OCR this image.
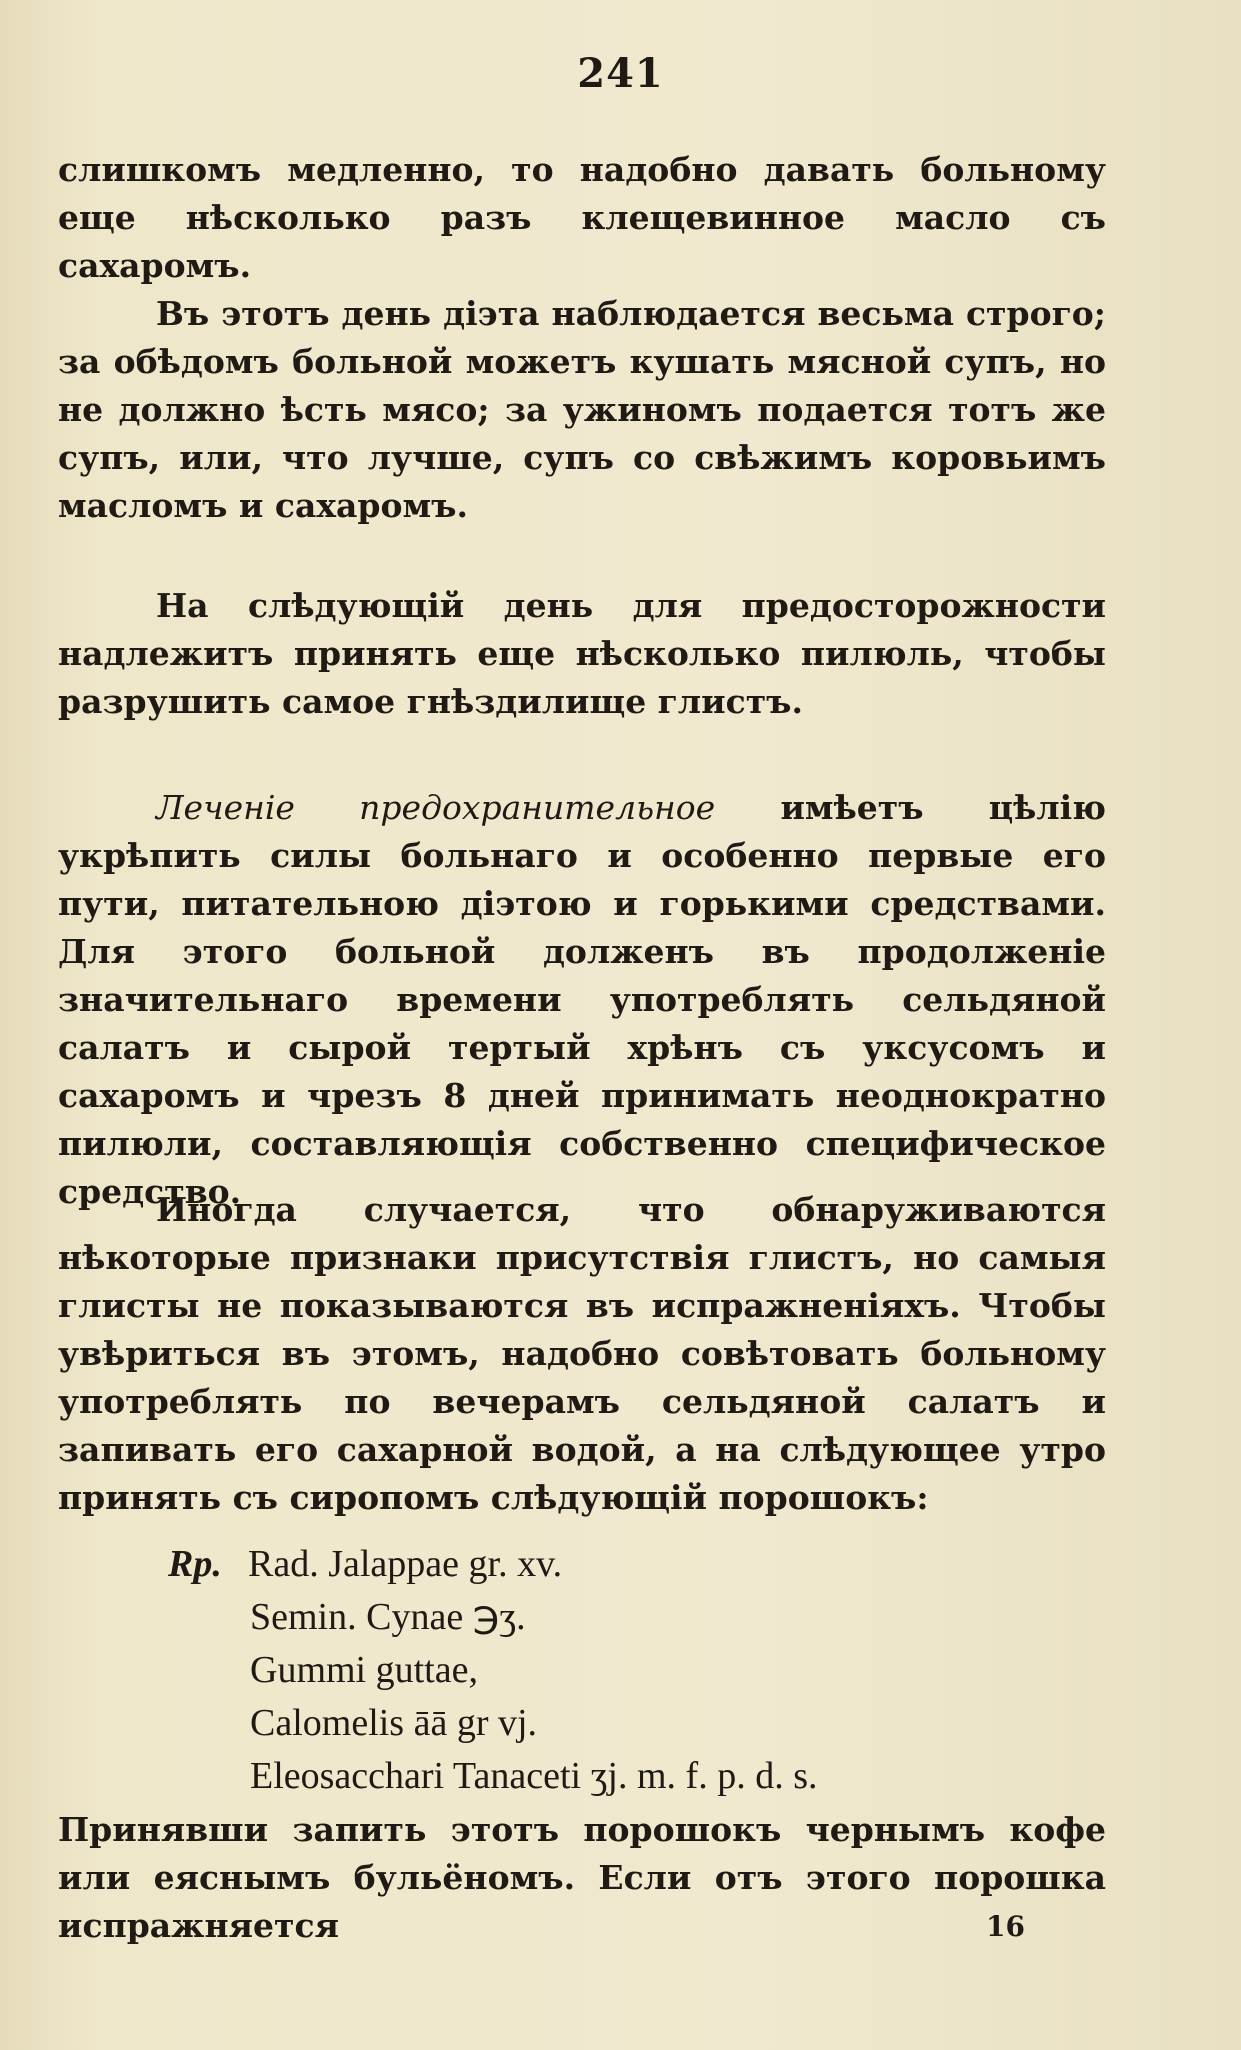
241
слишкомъ медленно, то надобно давать больному еще нѣсколько разъ клещевинное масло съ сахаромъ.
Въ этотъ день діэта наблюдается весьма строго; за обѣдомъ больной можетъ кушать мясной супъ, но не должно ѣсть мясо; за ужиномъ подается тотъ же супъ, или, что лучше, супъ со свѣжимъ коровьимъ масломъ и сахаромъ.
На слѣдующій день для предосторожности надлежитъ принять еще нѣсколько пилюль, чтобы разрушить самое гнѣздилище глистъ.
Леченіе предохранительное имѣетъ цѣлію укрѣпить силы больнаго и особенно первые его пути, питательною діэтою и горькими средствами. Для этого больной долженъ въ продолженіе значительнаго времени употреблять сельдяной салатъ и сырой тертый хрѣнъ съ уксусомъ и сахаромъ и чрезъ 8 дней принимать неоднократно пилюли, составляющія собственно специфическое средство.
Иногда случается, что обнаруживаются нѣкоторые признаки присутствія глистъ, но самыя глисты не показываются въ испражненіяхъ. Чтобы увѣриться въ этомъ, надобно совѣтовать больному употреблять по вечерамъ сельдяной салатъ и запивать его сахарной водой, а на слѣдующее утро принять съ сиропомъ слѣдующій порошокъ:
Rp. Rad. Jalappae gr. xv.
Semin. Cynae ℈ʒ.
Gummi guttae,
Calomelis āā gr vj.
Eleosacchari Tanaceti ʒj. m. f. p. d. s.
Принявши запить этотъ порошокъ чернымъ кофе или еяснымъ бульёномъ. Если отъ этого порошка испражняется	16
